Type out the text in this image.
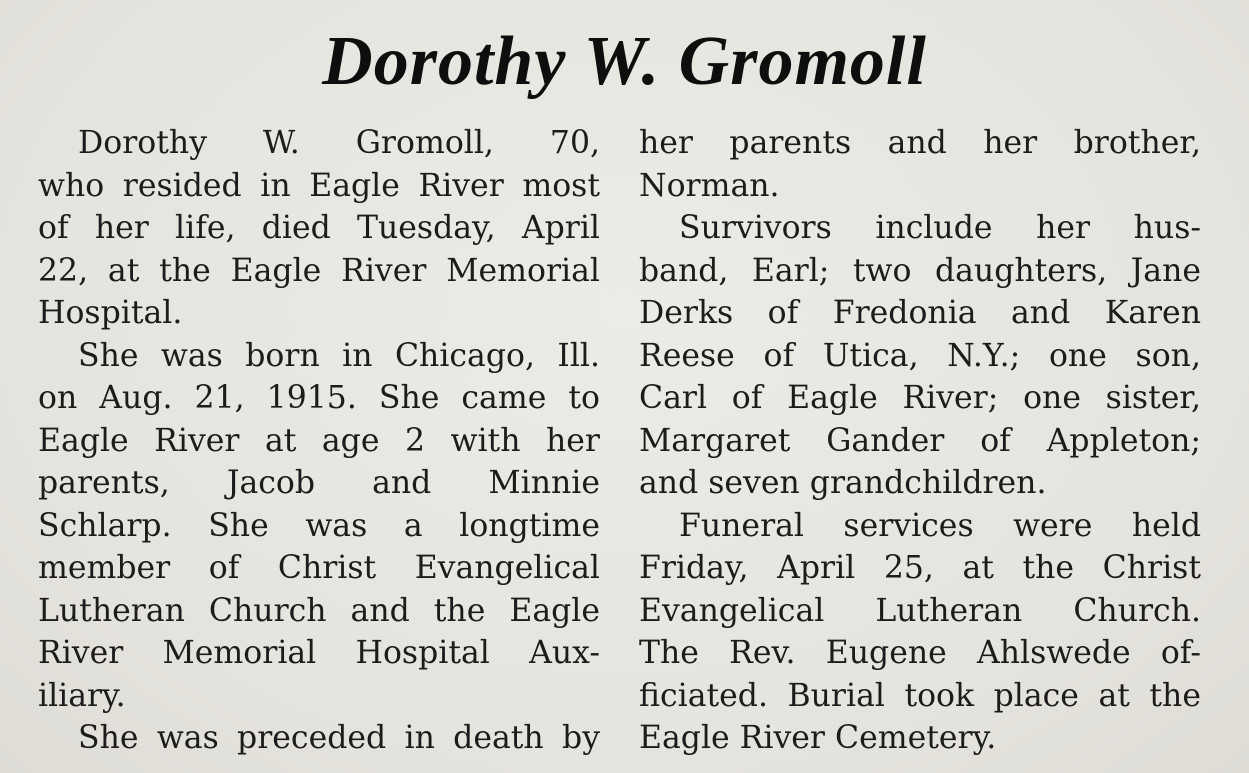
Dorothy W. Gromoll
Dorothy W. Gromoll, 70,
who resided in Eagle River most
of her life, died Tuesday, April
22, at the Eagle River Memorial
Hospital.
She was born in Chicago, Ill.
on Aug. 21, 1915. She came to
Eagle River at age 2 with her
parents, Jacob and Minnie
Schlarp. She was a longtime
member of Christ Evangelical
Lutheran Church and the Eagle
River Memorial Hospital Aux-
iliary.
She was preceded in death by
her parents and her brother,
Norman.
Survivors include her hus-
band, Earl; two daughters, Jane
Derks of Fredonia and Karen
Reese of Utica, N.Y.; one son,
Carl of Eagle River; one sister,
Margaret Gander of Appleton;
and seven grandchildren.
Funeral services were held
Friday, April 25, at the Christ
Evangelical Lutheran Church.
The Rev. Eugene Ahlswede of-
ficiated. Burial took place at the
Eagle River Cemetery.
